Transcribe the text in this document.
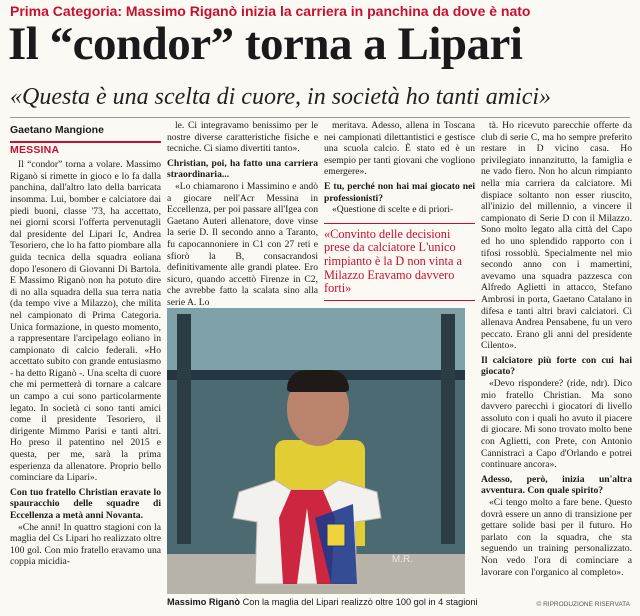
Prima Categoria: Massimo Riganò inizia la carriera in panchina da dove è nato
Il “condor” torna a Lipari
«Questa è una scelta di cuore, in società ho tanti amici»
Gaetano Mangione
MESSINA

Il “condor” torna a volare. Massimo Riganò si rimette in gioco e lo fa dalla panchina, dall'altro lato della barricata insomma. Lui, bomber e calciatore dai piedi buoni, classe '73, ha accettato, nei giorni scorsi l'offerta pervenutagli dal presidente del Lipari Ic, Andrea Tesoriero, che lo ha fatto piombare alla guida tecnica della squadra eoliana dopo l'esonero di Giovanni Di Bartola. E Massimo Riganò non ha potuto dire di no alla squadra della sua terra natia (da tempo vive a Milazzo), che milita nel campionato di Prima Categoria. Unica formazione, in questo momento, a rappresentare l'arcipelago eoliano in campionato di calcio federali. «Ho accettato subito con grande entusiasmo - ha detto Riganò -. Una scelta di cuore che mi permetterà di tornare a calcare un campo a cui sono particolarmente legato. In società ci sono tanti amici come il presidente Tesoriero, il dirigente Mimmo Parisi e tanti altri. Ho preso il patentino nel 2015 e questa, per me, sarà la prima esperienza da allenatore. Proprio bello cominciare da Lipari».

Con tuo fratello Christian eravate lo spauracchio delle squadre di Eccellenza a metà anni Novanta.

«Che anni! In quattro stagioni con la maglia del Cs Lipari ho realizzato oltre 100 gol. Con mio fratello eravamo una coppia micidia-

le. Ci integravamo benissimo per le nostre diverse caratteristiche fisiche e tecniche. Ci siamo divertiti tanto».

Christian, poi, ha fatto una carriera straordinaria...

«Lo chiamarono i Massimino e andò a giocare nell'Acr Messina in Eccellenza, per poi passare all'Igea con Gaetano Auteri allenatore, dove vinse la serie D. Il secondo anno a Taranto, fu capocannoniere in C1 con 27 reti e sfiorò la B, consacrandosi definitivamente alle grandi platee. Ero sicuro, quando accettò Firenze in C2, che avrebbe fatto la scalata sino alla serie A. Lo

meritava. Adesso, allena in Toscana nei campionati dilettantistici e gestisce una scuola calcio. È stato ed è un esempio per tanti giovani che vogliono emergere».

E tu, perché non hai mai giocato nei professionisti?

«Questione di scelte e di priori-

«Convinto delle decisioni prese da calciatore L'unico rimpianto è la D non vinta a Milazzo Eravamo davvero forti»

tà. Ho ricevuto parecchie offerte da club di serie C, ma ho sempre preferito restare in D vicino casa. Ho privilegiato innanzitutto, la famiglia e ne vado fiero. Non ho alcun rimpianto nella mia carriera da calciatore. Mi dispiace soltanto non esser riuscito, all'inizio del millennio, a vincere il campionato di Serie D con il Milazzo. Sono molto legato alla città del Capo ed ho uno splendido rapporto con i tifosi rossoblù. Specialmente nel mio secondo anno con i mamertini, avevamo una squadra pazzesca con Alfredo Aglietti in attacco, Stefano Ambrosi in porta, Gaetano Catalano in difesa e tanti altri bravi calciatori. Ci allenava Andrea Pensabene, fu un vero peccato. Erano gli anni del presidente Cilento».

Il calciatore più forte con cui hai giocato?

«Devo rispondere? (ride, ndr). Dico mio fratello Christian. Ma sono davvero parecchi i giocatori di livello assoluto con i quali ho avuto il piacere di giocare. Mi sono trovato molto bene con Aglietti, con Prete, con Antonio Cannistracì a Capo d'Orlando e potrei continuare ancora».

Adesso, però, inizia un'altra avventura. Con quale spirito?

«Ci tengo molto a fare bene. Questo dovrà essere un anno di transizione per gettare solide basi per il futuro. Ho parlato con la squadra, che sta seguendo un training personalizzato. Non vedo l'ora di cominciare a lavorare con l'organico al completo».

M.R.
Massimo Riganò Con la maglia del Lipari realizzò oltre 100 gol in 4 stagioni	© RIPRODUZIONE RISERVATA
